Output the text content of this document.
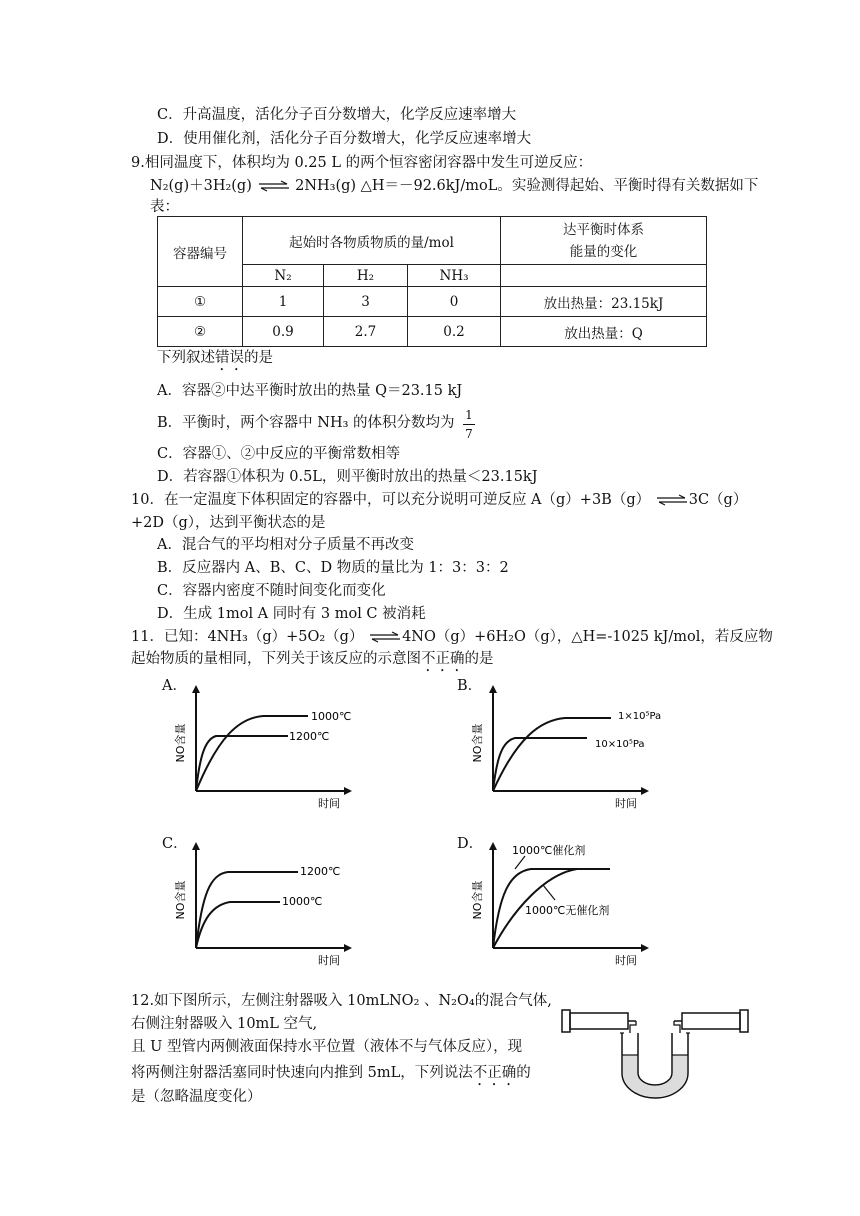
C．升高温度，活化分子百分数增大，化学反应速率增大
D．使用催化剂，活化分子百分数增大，化学反应速率增大
9.相同温度下，体积均为 0.25 L 的两个恒容密闭容器中发生可逆反应：
N₂(g)＋3H₂(g) ⇌ 2NH₃(g) △H＝－92.6kJ/moL。实验测得起始、平衡时得有关数据如下
表：
容器编号	起始时各物质物质的量/mol			达平衡时体系
能量的变化

	N₂	H₂	NH₃	
①	1	3	0	放出热量：23.15kJ
②	0.9	2.7	0.2	放出热量：Q
下列叙述错误的是
A．容器②中达平衡时放出的热量 Q＝23.15 kJ
B．平衡时，两个容器中 NH₃ 的体积分数均为 1
7
C．容器①、②中反应的平衡常数相等
D．若容器①体积为 0.5L，则平衡时放出的热量＜23.15kJ
10．在一定温度下体积固定的容器中，可以充分说明可逆反应 A（g）+3B（g） ⇌3C（g）
+2D（g），达到平衡状态的是
A．混合气的平均相对分子质量不再改变
B．反应器内 A、B、C、D 物质的量比为 1：3：3：2
C．容器内密度不随时间变化而变化
D．生成 1mol A 同时有 3 mol C 被消耗
11．已知：4NH₃（g）+5O₂（g） ⇌4NO（g）+6H₂O（g），△H=-1025 kJ/mol，若反应物
起始物质的量相同，下列关于该反应的示意图不正确的是
A．
1000℃
1200℃
NO含量
时间
B．
1×10⁵Pa
10×10⁵Pa
NO含量
时间
C．
1200℃
1000℃
NO含量
时间
D．	1000℃催化剂
1000℃无催化剂
NO含量
时间
12.如下图所示，左侧注射器吸入 10mLNO₂ 、N₂O₄的混合气体,
右侧注射器吸入 10mL 空气,
且 U 型管内两侧液面保持水平位置（液体不与气体反应），现
将两侧注射器活塞同时快速向内推到 5mL，下列说法不正确的
是（忽略温度变化）
